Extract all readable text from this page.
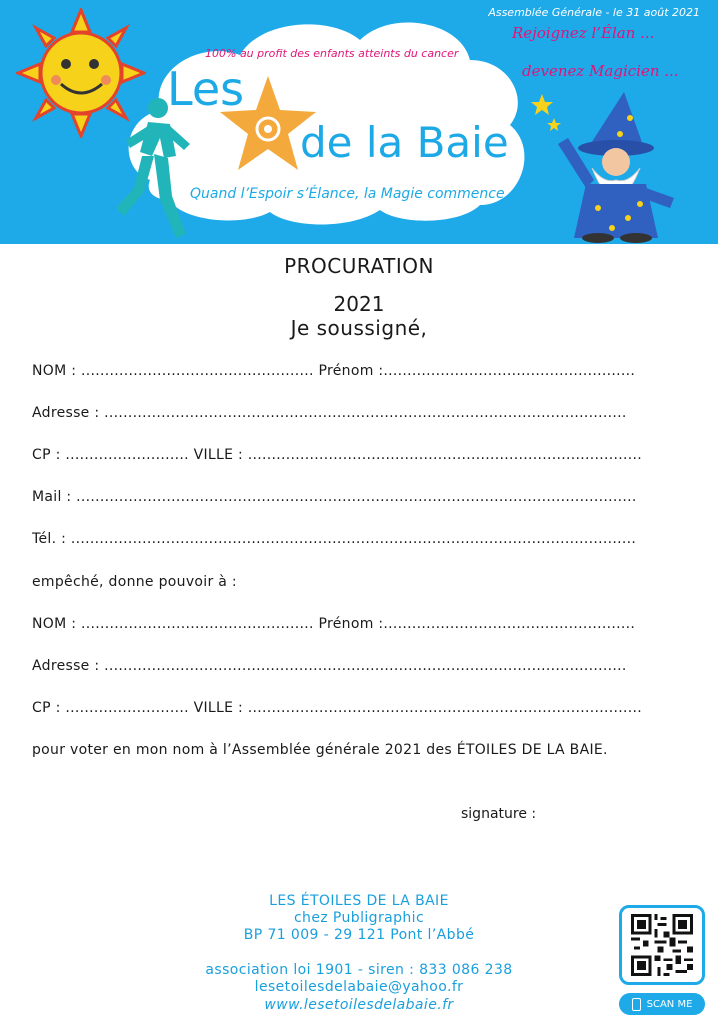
100% au profit des enfants atteints du cancer
Les
de la Baie
Quand l’Espoir s’Élance, la Magie commence ...
Assemblée Générale - le 31 août 2021
Rejoignez l’Élan ...
devenez Magicien ...
PROCURATION
2021
Je soussigné,
NOM : ................................................. Prénom :.....................................................
Adresse : ..............................................................................................................
CP : .......................... VILLE : ...................................................................................
Mail : ......................................................................................................................
Tél. : .......................................................................................................................
empêché, donne pouvoir à :
NOM : ................................................. Prénom :.....................................................
Adresse : ..............................................................................................................
CP : .......................... VILLE : ...................................................................................
pour voter en mon nom à l’Assemblée générale 2021 des ÉTOILES DE LA BAIE.
signature :
LES ÉTOILES DE LA BAIE
chez Publigraphic
BP 71 009 - 29 121 Pont l’Abbé
association loi 1901 - siren : 833 086 238
lesetoilesdelabaie@yahoo.fr
www.lesetoilesdelabaie.fr	SCAN ME
